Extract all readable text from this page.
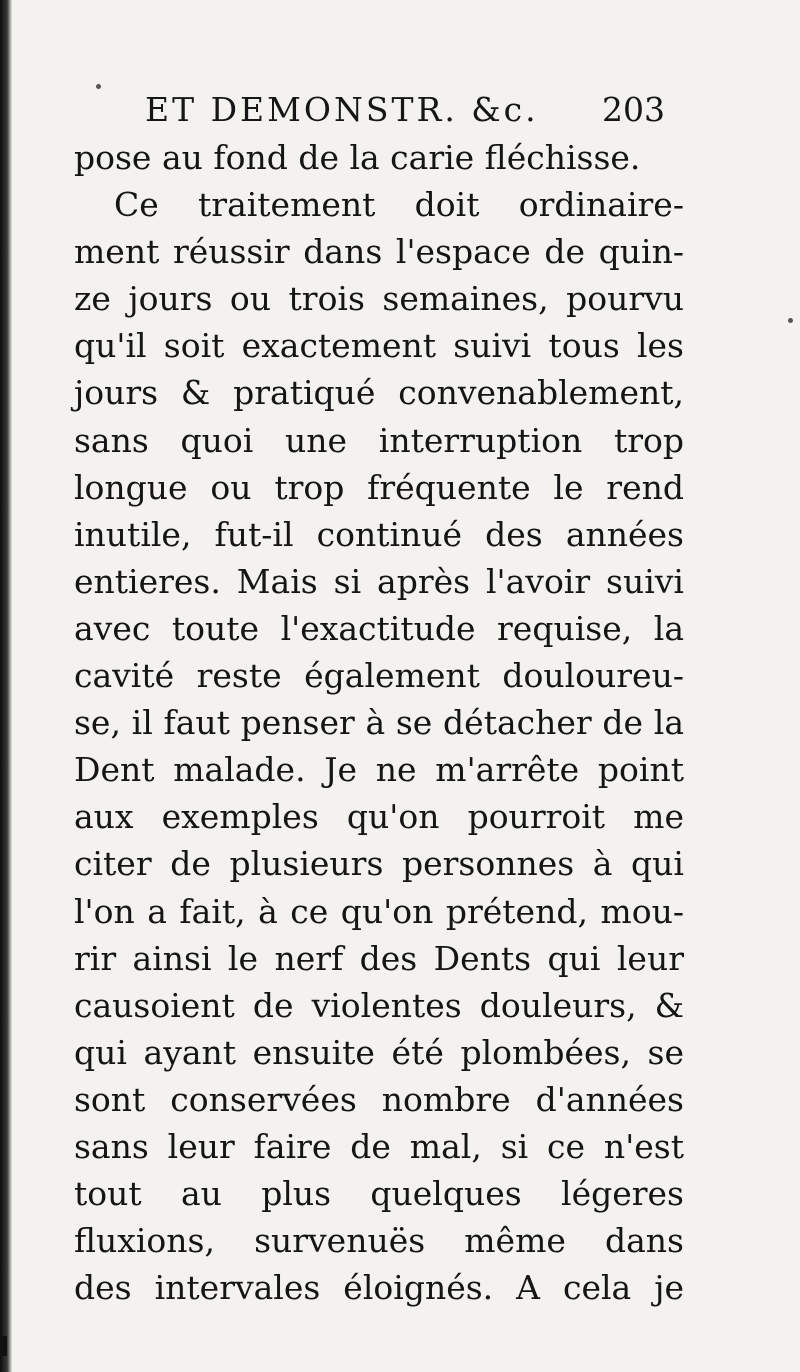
ET DEMONSTR. &c. 203
pose au fond de la carie fléchisse.
Ce traitement doit ordinaire-
ment réussir dans l'espace de quin-
ze jours ou trois semaines, pourvu
qu'il soit exactement suivi tous les
jours & pratiqué convenablement,
sans quoi une interruption trop
longue ou trop fréquente le rend
inutile, fut-il continué des années
entieres. Mais si après l'avoir suivi
avec toute l'exactitude requise, la
cavité reste également douloureu-
se, il faut penser à se détacher de la
Dent malade. Je ne m'arrête point
aux exemples qu'on pourroit me
citer de plusieurs personnes à qui
l'on a fait, à ce qu'on prétend, mou-
rir ainsi le nerf des Dents qui leur
causoient de violentes douleurs, &
qui ayant ensuite été plombées, se
sont conservées nombre d'années
sans leur faire de mal, si ce n'est
tout au plus quelques légeres
fluxions, survenuës même dans
des intervales éloignés. A cela je
